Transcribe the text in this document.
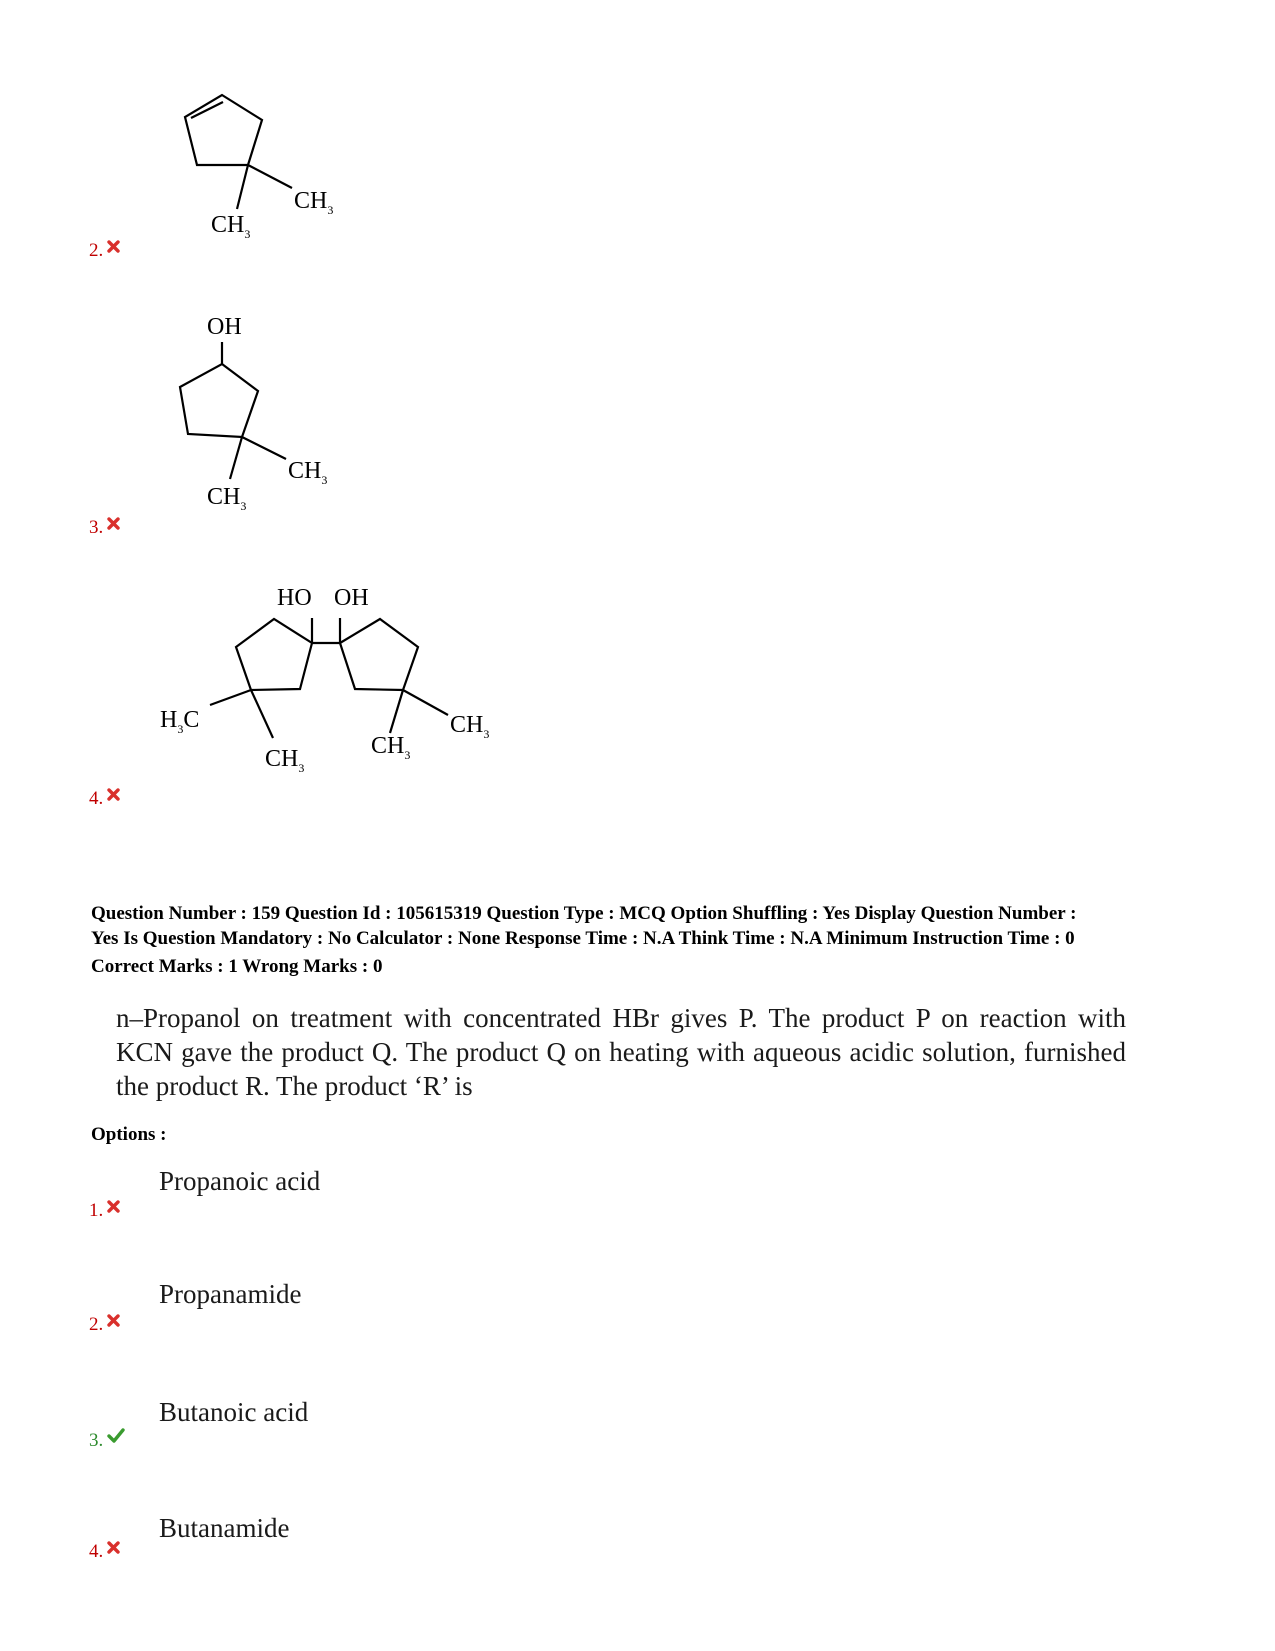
$CH_3$
$CH_3$
2.
OH
$CH_3$
$CH_3$
3.
HO OH
$H_3C$	$CH_3$
$CH_3$
$CH_3$
4.
Question Number : 159 Question Id : 105615319 Question Type : MCQ Option Shuffling : Yes Display Question Number :
Yes Is Question Mandatory : No Calculator : None Response Time : N.A Think Time : N.A Minimum Instruction Time : 0
Correct Marks : 1 Wrong Marks : 0
n–Propanol on treatment with concentrated HBr gives P. The product P on reaction with KCN gave the product Q. The product Q on heating with aqueous acidic solution, furnished the product R. The product ‘R’ is
Options :
Propanoic acid
1.
Propanamide
2.
Butanoic acid
3.
Butanamide
4.
